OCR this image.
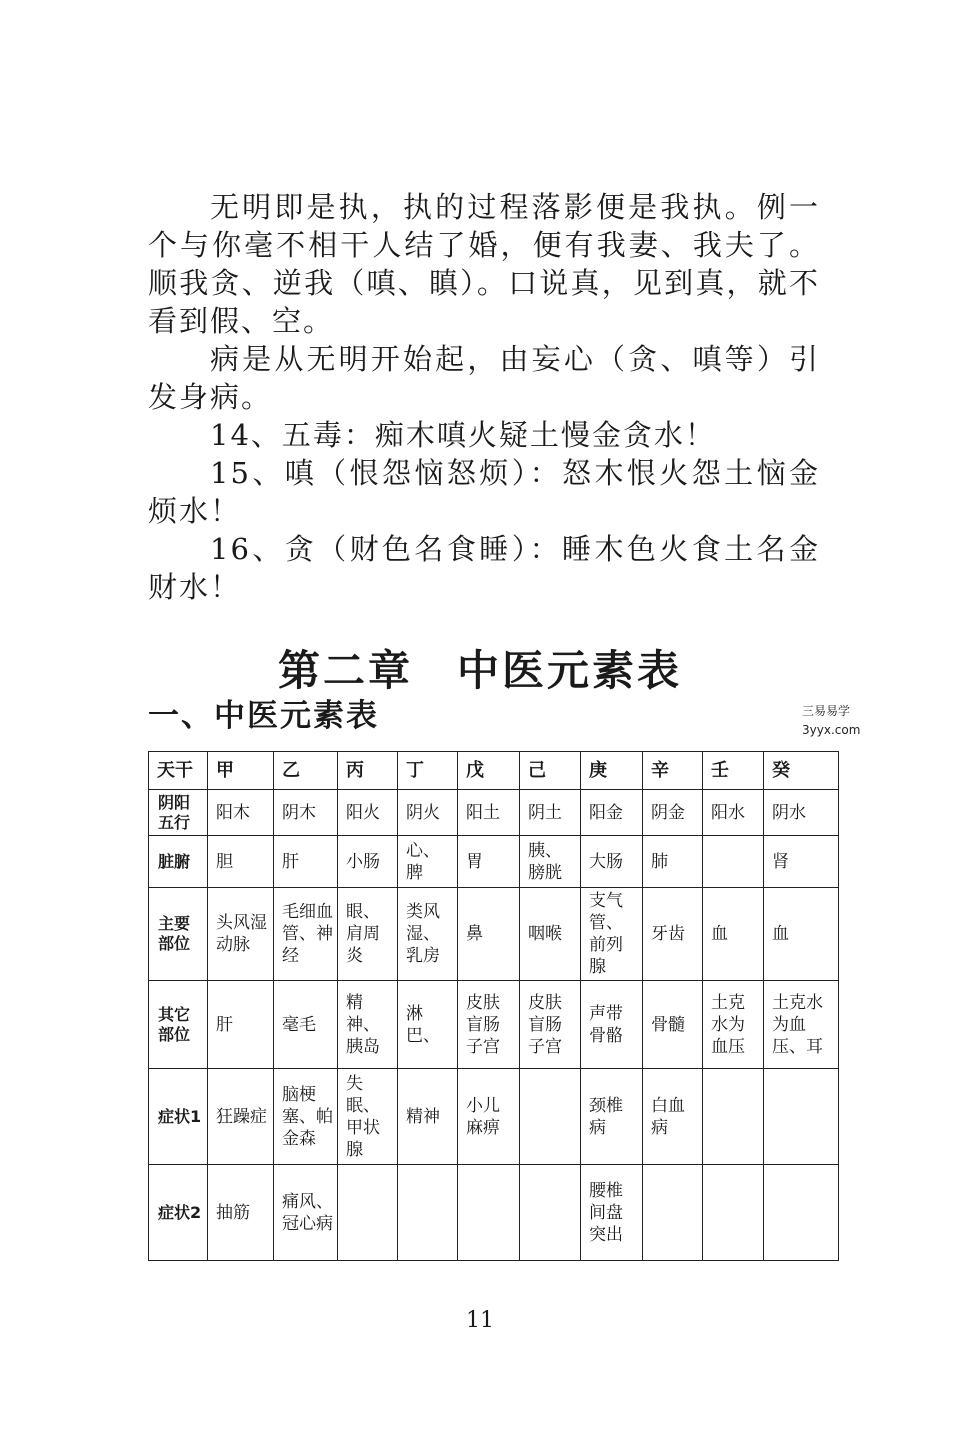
无明即是执，执的过程落影便是我执。例一个与你毫不相干人结了婚，便有我妻、我夫了。顺我贪、逆我（嗔、瞋）。口说真，见到真，就不看到假、空。

病是从无明开始起，由妄心（贪、嗔等）引发身病。

14、五毒：痴木嗔火疑土慢金贪水！

15、嗔（恨怨恼怒烦）：怒木恨火怨土恼金烦水！

16、贪（财色名食睡）：睡木色火食土名金财水！

第二章 中医元素表
一、中医元素表	三易易学
3yyx.com
天干	甲	乙	丙	丁	戊	己	庚	辛	壬	癸
阴阳五行	阳木	阴木	阳火	阴火	阳土	阴土	阳金	阴金	阳水	阴水
脏腑	胆	肝	小肠	心、脾	胃	胰、膀胱	大肠	肺		肾
主要部位	头风湿动脉	毛细血管、神经	眼、肩周炎	类风湿、乳房	鼻	咽喉	支气管、前列腺	牙齿	血	血
其它部位	肝	毫毛	精神、胰岛	淋巴、	皮肤盲肠子宫	皮肤盲肠子宫	声带骨骼	骨髓	土克水为血压	土克水为血压、耳
症状1	狂躁症	脑梗塞、帕金森	失眠、甲状腺	精神	小儿麻痹		颈椎病	白血病		
症状2	抽筋	痛风、冠心病					腰椎间盘突出			
11
